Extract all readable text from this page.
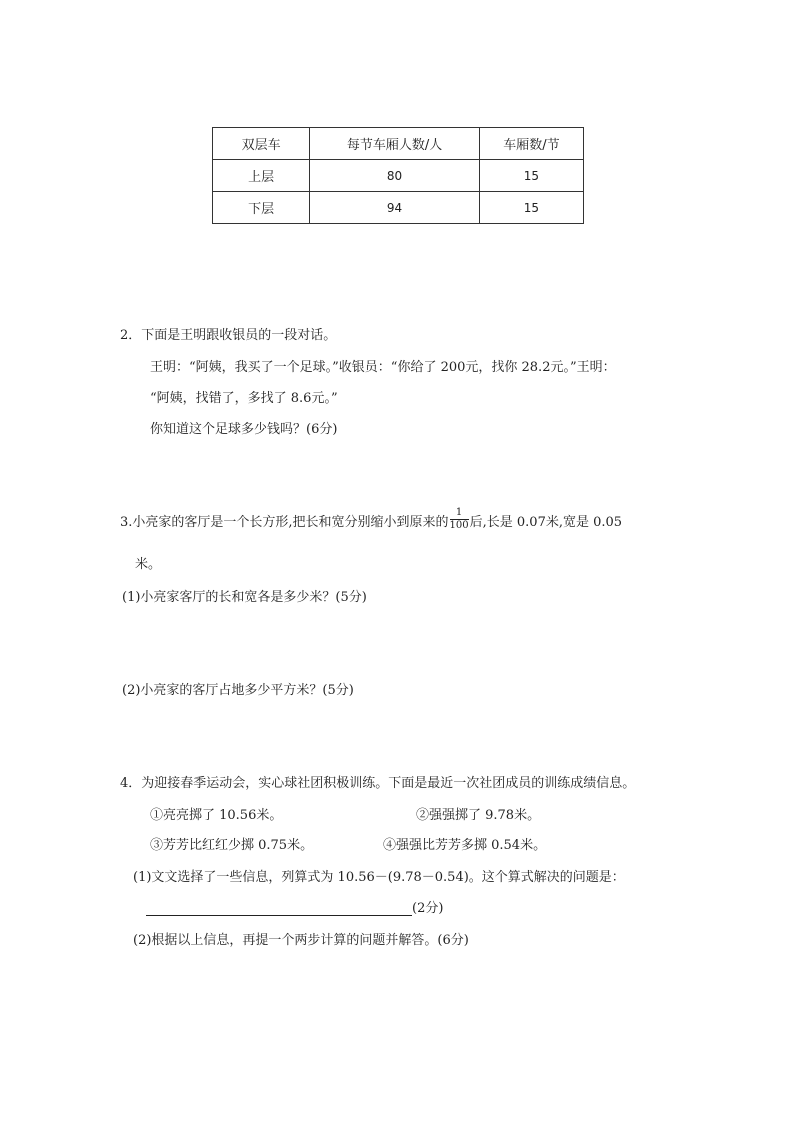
双层车	每节车厢人数/人	车厢数/节
上层	80	15
下层	94	15
2．下面是王明跟收银员的一段对话。
王明：“阿姨，我买了一个足球。”收银员：“你给了 200元，找你 28.2元。”王明：
“阿姨，找错了，多找了 8.6元。”
你知道这个足球多少钱吗？(6分)
3.小亮家的客厅是一个长方形,把长和宽分别缩小到原来的 $\frac{1}{100}$ 后,长是 0.07米,宽是 0.05
米。
(1)小亮家客厅的长和宽各是多少米？(5分)
(2)小亮家的客厅占地多少平方米？(5分)
4．为迎接春季运动会，实心球社团积极训练。下面是最近一次社团成员的训练成绩信息。
①亮亮掷了 10.56米。	②强强掷了 9.78米。
③芳芳比红红少掷 0.75米。	④强强比芳芳多掷 0.54米。
(1)文文选择了一些信息，列算式为 10.56－(9.78－0.54)。这个算式解决的问题是：
(2分)
(2)根据以上信息，再提一个两步计算的问题并解答。(6分)
